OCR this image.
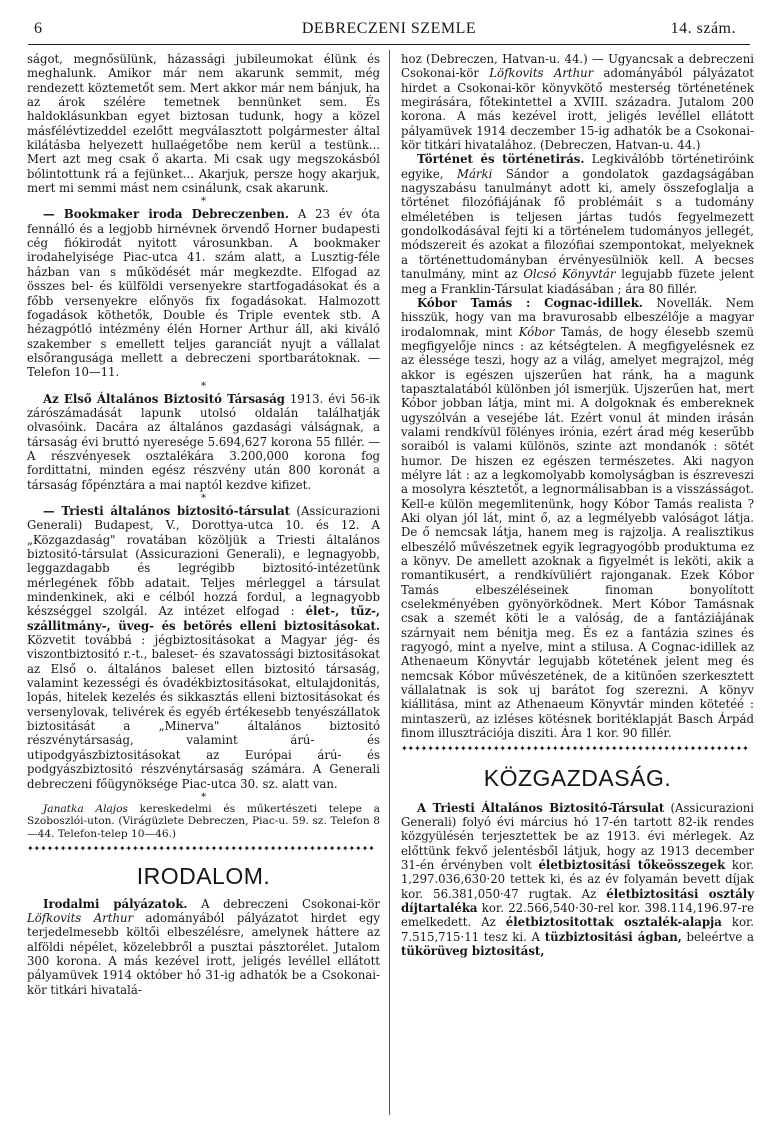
6	DEBRECZENI SZEMLE	14. szám.

ságot, megnősülünk, házassági jubileumokat élünk és meghalunk. Amikor már nem akarunk semmit, még rendezett köztemetőt sem. Mert akkor már nem bánjuk, ha az árok szélére temetnek bennünket sem. És haldoklásunkban egyet biztosan tudunk, hogy a közel másfélévtizeddel ezelőtt megválasztott polgármester által kilátásba helyezett hullaégetőbe nem kerül a testünk... Mert azt meg csak ő akarta. Mi csak ugy megszokásból bólintottunk rá a fejünket... Akarjuk, persze hogy akarjuk, mert mi semmi mást nem csinálunk, csak akarunk.

*

— Bookmaker iroda Debreczenben. A 23 év óta fennálló és a legjobb hirnévnek örvendő Horner budapesti cég fiókirodát nyitott városunkban. A bookmaker irodahelyisége Piac-utca 41. szám alatt, a Lusztig-féle házban van s működését már megkezdte. Elfogad az összes bel- és külföldi versenyekre startfogadásokat és a főbb versenyekre előnyös fix fogadásokat. Halmozott fogadások köthetők, Double és Triple eventek stb. A hézagpótló intézmény élén Horner Arthur áll, aki kiváló szakember s emellett teljes garanciát nyujt a vállalat elsőrangusága mellett a debreczeni sportbarátoknak. — Telefon 10—11.

*

Az Első Általános Biztositó Társaság 1913. évi 56-ik zárószámadását lapunk utolsó oldalán találhatják olvasóink. Dacára az általános gazdasági válságnak, a társaság évi bruttó nyeresége 5.694,627 korona 55 fillér. — A részvényesek osztalékára 3.200,000 korona fog fordittatni, minden egész részvény után 800 koronát a társaság főpénztára a mai naptól kezdve kifizet.

*

— Triesti általános biztositó-társulat (Assicurazioni Generali) Budapest, V., Dorottya-utca 10. és 12. A „Közgazdaság" rovatában közöljük a Triesti általános biztositó-társulat (Assicurazioni Generali), e legnagyobb, leggazdagabb és legrégibb biztositó-intézetünk mérlegének főbb adatait. Teljes mérleggel a társulat mindenkinek, aki e célból hozzá fordul, a legnagyobb készséggel szolgál. Az intézet elfogad : élet-, tűz-, szállitmány-, üveg- és betörés elleni biztositásokat. Közvetit továbbá : jégbiztositásokat a Magyar jég- és viszontbiztositó r.-t., baleset- és szavatossági biztositásokat az Első o. általános baleset ellen biztositó társaság, valamint kezességi és óvadékbiztositásokat, eltulajdonitás, lopás, hitelek kezelés és sikkasztás elleni biztositásokat és versenylovak, telivérek és egyéb értékesebb tenyészállatok biztositását a „Minerva" általános biztositó részvénytársaság, valamint árú- és utipodgyászbiztositásokat az Európai árú- és podgyászbiztositó részvénytársaság számára. A Generali debreczeni főügynöksége Piac-utca 30. sz. alatt van.

*

Janatka Alajos kereskedelmi és műkertészeti telepe a Szoboszlói-uton. (Virágüzlete Debreczen, Piac-u. 59. sz. Telefon 8—44. Telefon-telep 10—46.)

✦✦✦✦✦✦✦✦✦✦✦✦✦✦✦✦✦✦✦✦✦✦✦✦✦✦✦✦✦✦✦✦✦✦✦✦✦✦✦✦✦✦✦✦✦✦✦✦✦✦✦✦✦
IRODALOM.

Irodalmi pályázatok. A debreczeni Csokonai-kör Löfkovits Arthur adományából pályázatot hirdet egy terjedelmesebb költői elbeszélésre, amelynek háttere az alföldi népélet, közelebbről a pusztai pásztorélet. Jutalom 300 korona. A más kezével irott, jeligés levéllel ellátott pályamüvek 1914 október hó 31-ig adhatók be a Csokonai-kör titkári hivatalá-

hoz (Debreczen, Hatvan-u. 44.) — Ugyancsak a debreczeni Csokonai-kör Löfkovits Arthur adományából pályázatot hirdet a Csokonai-kör könyvkötő mesterség történetének megirására, főtekintettel a XVIII. századra. Jutalom 200 korona. A más kezével irott, jeligés levéllel ellátott pályamüvek 1914 deczember 15-ig adhatók be a Csokonai-kör titkári hivatalához. (Debreczen, Hatvan-u. 44.)

Történet és történetirás. Legkiválóbb történetiróink egyike, Márki Sándor a gondolatok gazdagságában nagyszabásu tanulmányt adott ki, amely összefoglalja a történet filozófiájának fő problémáit s a tudomány elméletében is teljesen jártas tudós fegyelmezett gondolkodásával fejti ki a történelem tudományos jellegét, módszereit és azokat a filozófiai szempontokat, melyeknek a történettudományban érvényesülniök kell. A becses tanulmány, mint az Olcsó Könyvtár legujabb füzete jelent meg a Franklin-Társulat kiadásában ; ára 80 fillér.

Kóbor Tamás : Cognac-idillek. Novellák. Nem hisszük, hogy van ma bravurosabb elbeszélője a magyar irodalomnak, mint Kóbor Tamás, de hogy élesebb szemü megfigyelője nincs : az kétségtelen. A megfigyelésnek ez az élessége teszi, hogy az a világ, amelyet megrajzol, még akkor is egészen ujszerűen hat ránk, ha a magunk tapasztalatából különben jól ismerjük. Ujszerűen hat, mert Kóbor jobban látja, mint mi. A dolgoknak és embereknek ugyszólván a vesejébe lát. Ezért vonul át minden irásán valami rendkívül fölényes irónia, ezért árad még keserűbb soraiból is valami különös, szinte azt mondanók : sötét humor. De hiszen ez egészen természetes. Aki nagyon mélyre lát : az a legkomolyabb komolyságban is észreveszi a mosolyra késztetőt, a legnormálisabban is a visszásságot. Kell-e külön megemlitenünk, hogy Kóbor Tamás realista ? Aki olyan jól lát, mint ő, az a legmélyebb valóságot látja. De ő nemcsak látja, hanem meg is rajzolja. A realisztikus elbeszélő művészetnek egyik legragyogóbb produktuma ez a könyv. De amellett azoknak a figyelmét is leköti, akik a romantikusért, a rendkívüliért rajonganak. Ezek Kóbor Tamás elbeszéléseinek finoman bonyolított cselekményében gyönyörködnek. Mert Kóbor Tamásnak csak a szemét köti le a valóság, de a fantáziájának szárnyait nem bénitja meg. És ez a fantázia szines és ragyogó, mint a nyelve, mint a stilusa. A Cognac-idillek az Athenaeum Könyvtár legujabb kötetének jelent meg és nemcsak Kóbor művészetének, de a kitünően szerkesztett vállalatnak is sok uj barátot fog szerezni. A könyv kiállitása, mint az Athenaeum Könyvtár minden kötetéé : mintaszerü, az izléses kötésnek boritéklapját Basch Árpád finom illusztrációja disziti. Ára 1 kor. 90 fillér.

✦✦✦✦✦✦✦✦✦✦✦✦✦✦✦✦✦✦✦✦✦✦✦✦✦✦✦✦✦✦✦✦✦✦✦✦✦✦✦✦✦✦✦✦✦✦✦✦✦✦✦✦✦
KÖZGAZDASÁG.

A Triesti Általános Biztositó-Társulat (Assicurazioni Generali) folyó évi március hó 17-én tartott 82-ik rendes közgyülésén terjesztettek be az 1913. évi mérlegek. Az előttünk fekvő jelentésből látjuk, hogy az 1913 december 31-én érvényben volt életbiztositási tőkeösszegek kor. 1,297.036,630·20 tettek ki, és az év folyamán bevett díjak kor. 56.381,050·47 rugtak. Az életbiztositási osztály díjtartaléka kor. 22.566,540·30-rel kor. 398.114,196.97-re emelkedett. Az életbiztositottak osztalék-alapja kor. 7.515,715·11 tesz ki. A tüzbiztositási ágban, beleértve a tükörüveg biztositást,
